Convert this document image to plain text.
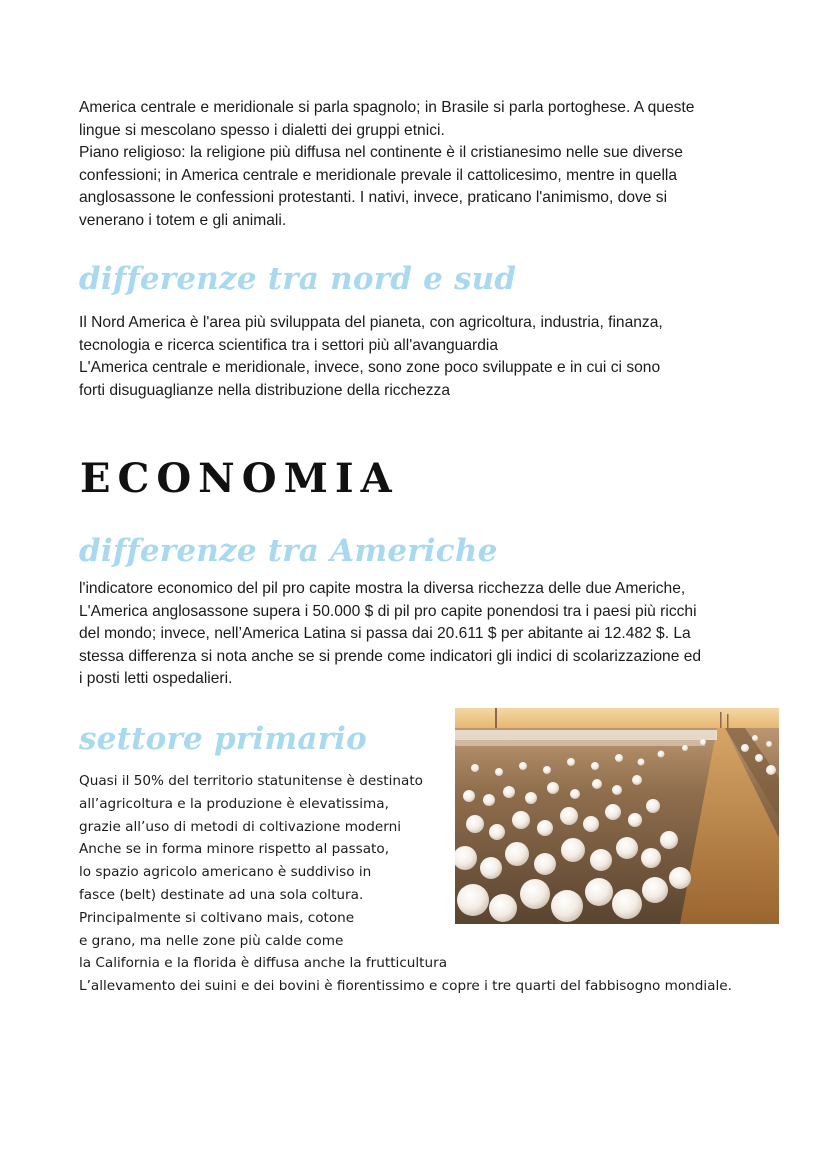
America centrale e meridionale si parla spagnolo; in Brasile si parla portoghese. A queste
lingue si mescolano spesso i dialetti dei gruppi etnici.
Piano religioso: la religione più diffusa nel continente è il cristianesimo nelle sue diverse
confessioni; in America centrale e meridionale prevale il cattolicesimo, mentre in quella
anglosassone le confessioni protestanti. I nativi, invece, praticano l'animismo, dove si
venerano i totem e gli animali.
differenze tra nord e sud
Il Nord America è l'area più sviluppata del pianeta, con agricoltura, industria, finanza,
tecnologia e ricerca scientifica tra i settori più all'avanguardia
L'America centrale e meridionale, invece, sono zone poco sviluppate e in cui ci sono
forti disuguaglianze nella distribuzione della ricchezza
ECONOMIA
differenze tra Americhe
l'indicatore economico del pil pro capite mostra la diversa ricchezza delle due Americhe,
L'America anglosassone supera i 50.000 $ di pil pro capite ponendosi tra i paesi più ricchi
del mondo; invece, nell’America Latina si passa dai 20.611 $ per abitante ai 12.482 $. La
stessa differenza si nota anche se si prende come indicatori gli indici di scolarizzazione ed
i posti letti ospedalieri.
settore primario
Quasi il 50% del territorio statunitense è destinato
all’agricoltura e la produzione è elevatissima,
grazie all’uso di metodi di coltivazione moderni
Anche se in forma minore rispetto al passato,
lo spazio agricolo americano è suddiviso in
fasce (belt) destinate ad una sola coltura.
Principalmente si coltivano mais, cotone
e grano, ma nelle zone più calde come
la California e la florida è diffusa anche la frutticultura
L’allevamento dei suini e dei bovini è fiorentissimo e copre i tre quarti del fabbisogno mondiale.
